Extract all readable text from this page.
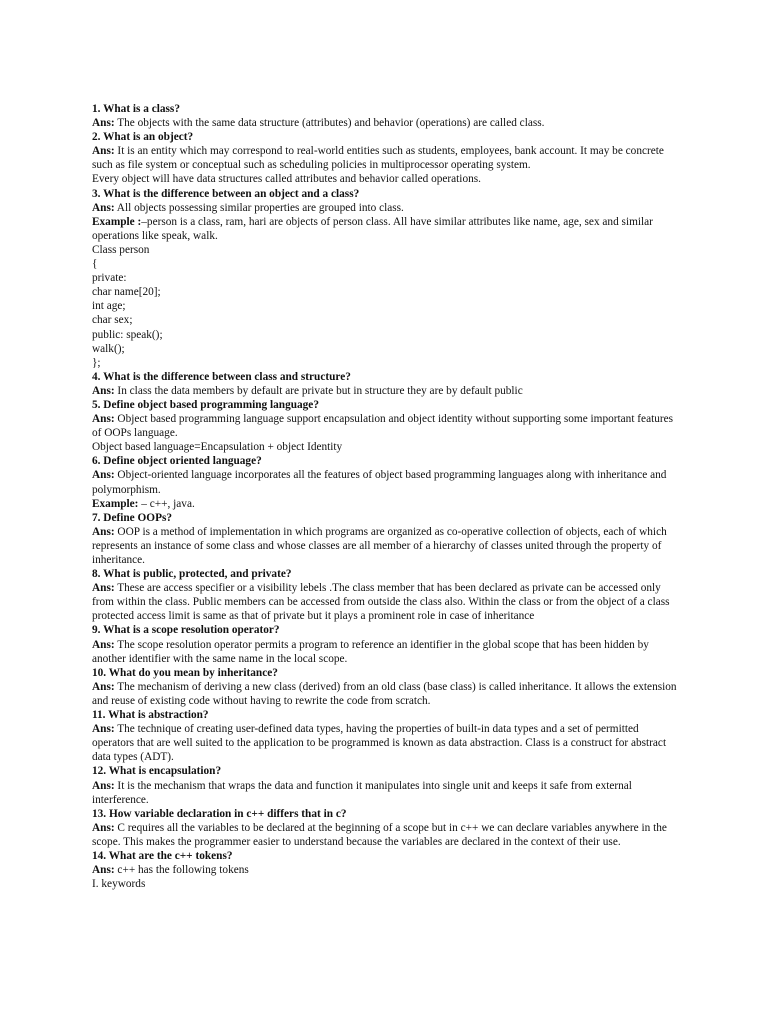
1. What is a class?

Ans: The objects with the same data structure (attributes) and behavior (operations) are called class.

2. What is an object?

Ans: It is an entity which may correspond to real-world entities such as students, employees, bank account. It may be concrete such as file system or conceptual such as scheduling policies in multiprocessor operating system.

Every object will have data structures called attributes and behavior called operations.

3. What is the difference between an object and a class?

Ans: All objects possessing similar properties are grouped into class.

Example :–person is a class, ram, hari are objects of person class. All have similar attributes like name, age, sex and similar operations like speak, walk.

Class person

{

private:

char name[20];

int age;

char sex;

public: speak();

walk();

};

4. What is the difference between class and structure?

Ans: In class the data members by default are private but in structure they are by default public

5. Define object based programming language?

Ans: Object based programming language support encapsulation and object identity without supporting some important features of OOPs language.

Object based language=Encapsulation + object Identity

6. Define object oriented language?

Ans: Object-oriented language incorporates all the features of object based programming languages along with inheritance and polymorphism.

Example: – c++, java.

7. Define OOPs?

Ans: OOP is a method of implementation in which programs are organized as co-operative collection of objects, each of which represents an instance of some class and whose classes are all member of a hierarchy of classes united through the property of inheritance.

8. What is public, protected, and private?

Ans: These are access specifier or a visibility lebels .The class member that has been declared as private can be accessed only from within the class. Public members can be accessed from outside the class also. Within the class or from the object of a class protected access limit is same as that of private but it plays a prominent role in case of inheritance

9. What is a scope resolution operator?

Ans: The scope resolution operator permits a program to reference an identifier in the global scope that has been hidden by another identifier with the same name in the local scope.

10. What do you mean by inheritance?

Ans: The mechanism of deriving a new class (derived) from an old class (base class) is called inheritance. It allows the extension and reuse of existing code without having to rewrite the code from scratch.

11. What is abstraction?

Ans: The technique of creating user-defined data types, having the properties of built-in data types and a set of permitted operators that are well suited to the application to be programmed is known as data abstraction. Class is a construct for abstract data types (ADT).

12. What is encapsulation?

Ans: It is the mechanism that wraps the data and function it manipulates into single unit and keeps it safe from external interference.

13. How variable declaration in c++ differs that in c?

Ans: C requires all the variables to be declared at the beginning of a scope but in c++ we can declare variables anywhere in the scope. This makes the programmer easier to understand because the variables are declared in the context of their use.

14. What are the c++ tokens?

Ans: c++ has the following tokens

I. keywords
